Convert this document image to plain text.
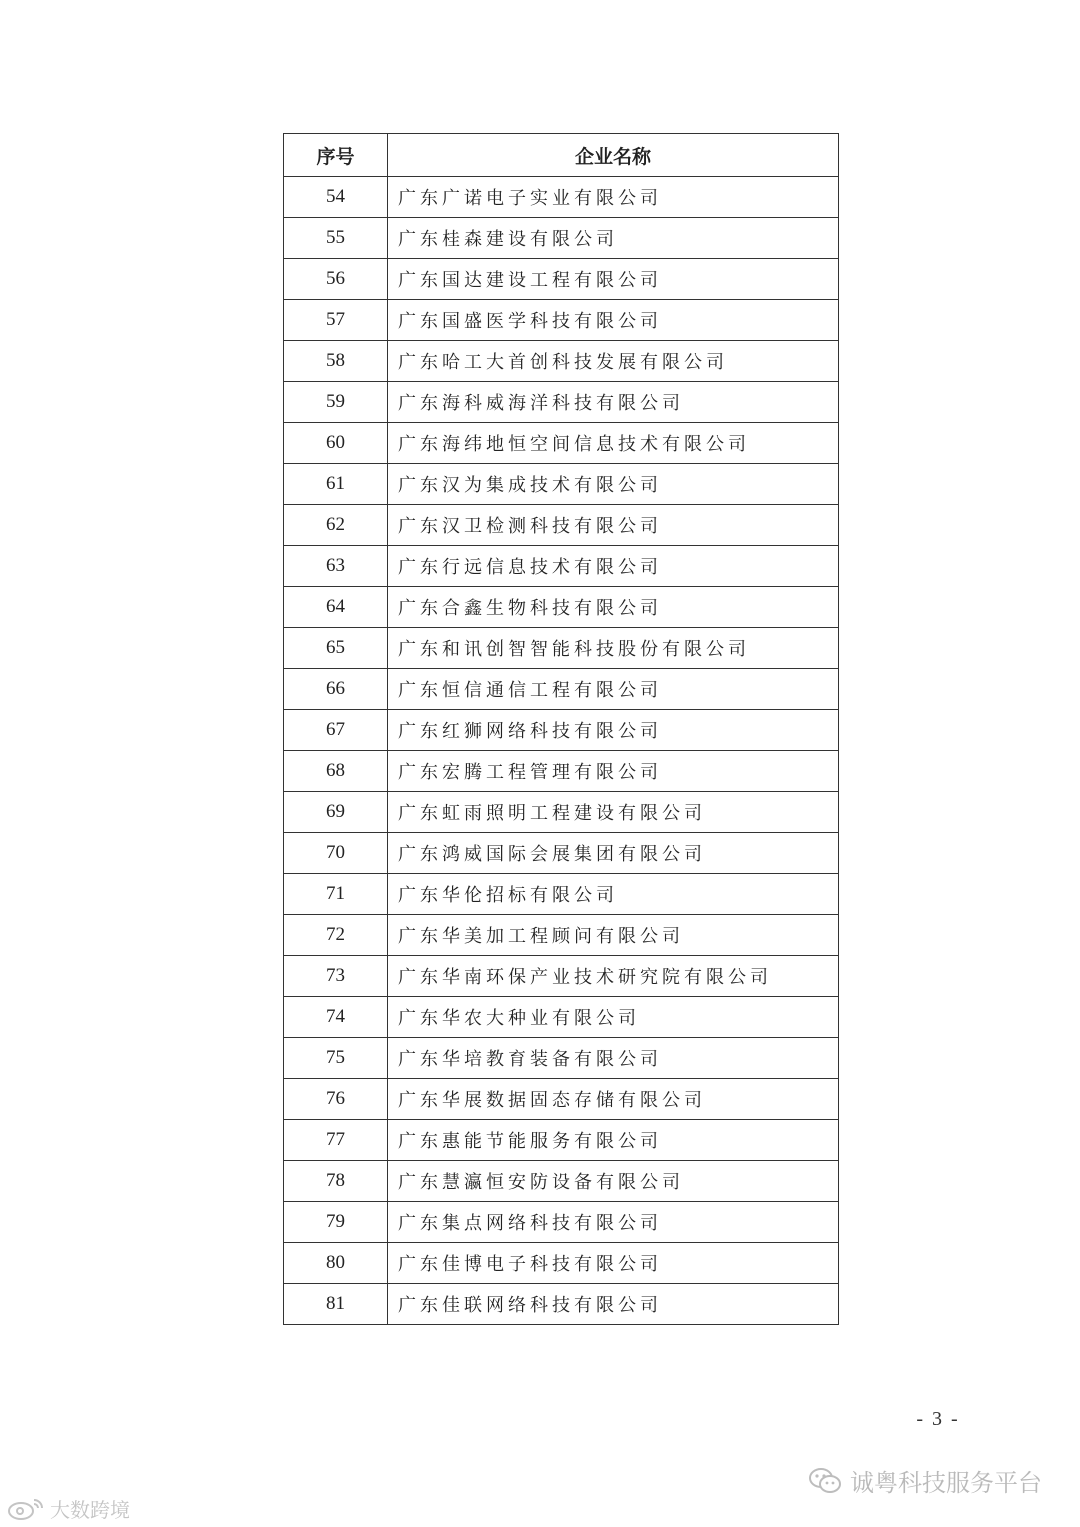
序号	企业名称
54	广东广诺电子实业有限公司
55	广东桂森建设有限公司
56	广东国达建设工程有限公司
57	广东国盛医学科技有限公司
58	广东哈工大首创科技发展有限公司
59	广东海科威海洋科技有限公司
60	广东海纬地恒空间信息技术有限公司
61	广东汉为集成技术有限公司
62	广东汉卫检测科技有限公司
63	广东行远信息技术有限公司
64	广东合鑫生物科技有限公司
65	广东和讯创智智能科技股份有限公司
66	广东恒信通信工程有限公司
67	广东红狮网络科技有限公司
68	广东宏腾工程管理有限公司
69	广东虹雨照明工程建设有限公司
70	广东鸿威国际会展集团有限公司
71	广东华伦招标有限公司
72	广东华美加工程顾问有限公司
73	广东华南环保产业技术研究院有限公司
74	广东华农大种业有限公司
75	广东华培教育装备有限公司
76	广东华展数据固态存储有限公司
77	广东惠能节能服务有限公司
78	广东慧瀛恒安防设备有限公司
79	广东集点网络科技有限公司
80	广东佳博电子科技有限公司
81	广东佳联网络科技有限公司
- 3 -
诚粤科技服务平台
大数跨境
